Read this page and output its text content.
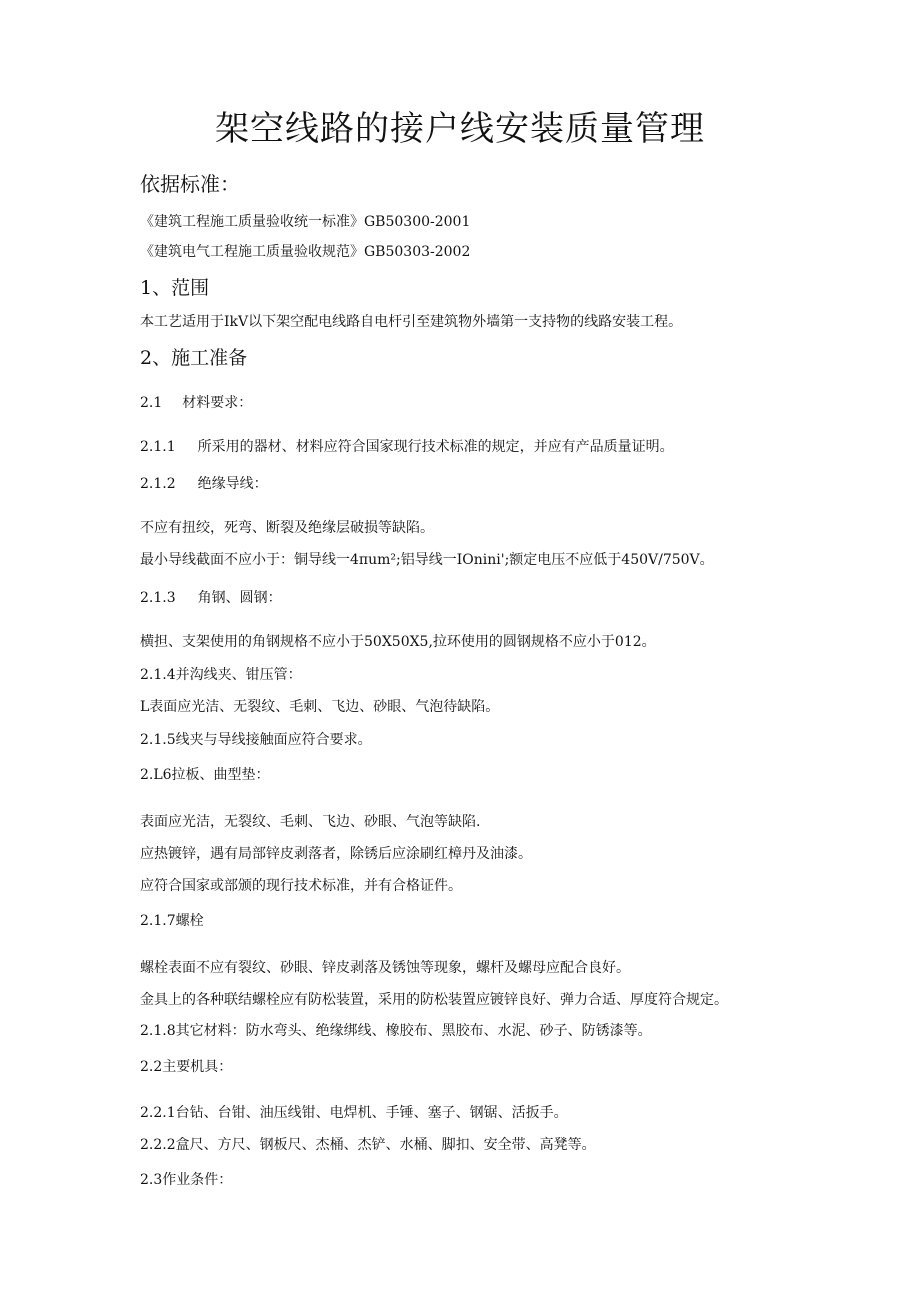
架空线路的接户线安装质量管理
依据标准：
《建筑工程施工质量验收统一标准》GB50300-2001
《建筑电气工程施工质量验收规范》GB50303-2002
1、范围
本工艺适用于IkV以下架空配电线路自电杆引至建筑物外墙第一支持物的线路安装工程。
2、施工准备
2.1 材料要求：
2.1.1 所采用的器材、材料应符合国家现行技术标准的规定，并应有产品质量证明。
2.1.2 绝缘导线：
不应有扭绞，死弯、断裂及绝缘层破损等缺陷。
最小导线截面不应小于：铜导线一4πum²;铝导线一IOnini';额定电压不应低于450V/750V。
2.1.3 角钢、圆钢：
横担、支架使用的角钢规格不应小于50X50X5,拉环使用的圆钢规格不应小于012。
2.1.4并沟线夹、钳压管：
L表面应光洁、无裂纹、毛刺、飞边、砂眼、气泡待缺陷。
2.1.5线夹与导线接触面应符合要求。
2.L6拉板、曲型垫：
表面应光洁，无裂纹、毛刺、飞边、砂眼、气泡等缺陷.
应热镀锌，遇有局部锌皮剥落者，除锈后应涂刷红樟丹及油漆。
应符合国家或部颁的现行技术标准，并有合格证件。
2.1.7螺栓
螺栓表面不应有裂纹、砂眼、锌皮剥落及锈蚀等现象，螺杆及螺母应配合良好。
金具上的各种联结螺栓应有防松装置，采用的防松装置应镀锌良好、弹力合适、厚度符合规定。
2.1.8其它材料：防水弯头、绝缘绑线、橡胶布、黑胶布、水泥、砂子、防锈漆等。
2.2主要机具：
2.2.1台钻、台钳、油压线钳、电焊机、手锤、塞子、钢锯、活扳手。
2.2.2盒尺、方尺、钢板尺、杰桶、杰铲、水桶、脚扣、安全带、高凳等。
2.3作业条件：
